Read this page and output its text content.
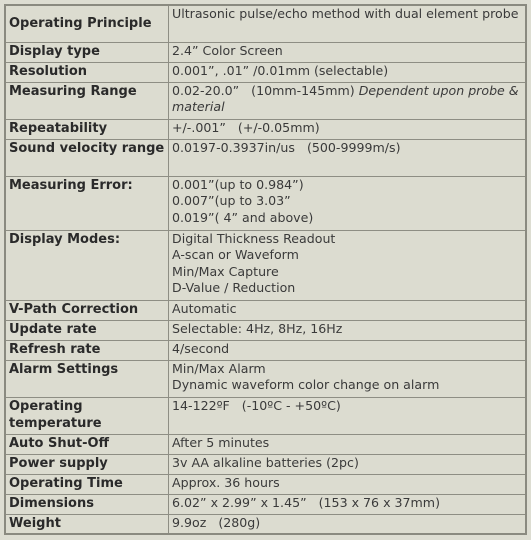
Operating Principle	Ultrasonic pulse/echo method with dual element probe

Display type	2.4” Color Screen
Resolution	0.001”, .01” /0.01mm (selectable)
Measuring Range	0.02-20.0” (10mm-145mm) Dependent upon probe & material

Repeatability	+/-.001” (+/-0.05mm)
Sound velocity range	0.0197-0.3937in/us (500-9999m/s)
Measuring Error:	0.001”(up to 0.984”)
0.007”(up to 3.03”
0.019”( 4” and above)

Display Modes:	Digital Thickness Readout
A-scan or Waveform
Min/Max Capture
D-Value / Reduction

V-Path Correction	Automatic
Update rate	Selectable: 4Hz, 8Hz, 16Hz
Refresh rate	4/second
Alarm Settings	Min/Max Alarm
Dynamic waveform color change on alarm

Operating temperature	14-122ºF (-10ºC - +50ºC)
Auto Shut-Off	After 5 minutes
Power supply	3v AA alkaline batteries (2pc)
Operating Time	Approx. 36 hours
Dimensions	6.02” x 2.99” x 1.45” (153 x 76 x 37mm)
Weight	9.9oz (280g)
